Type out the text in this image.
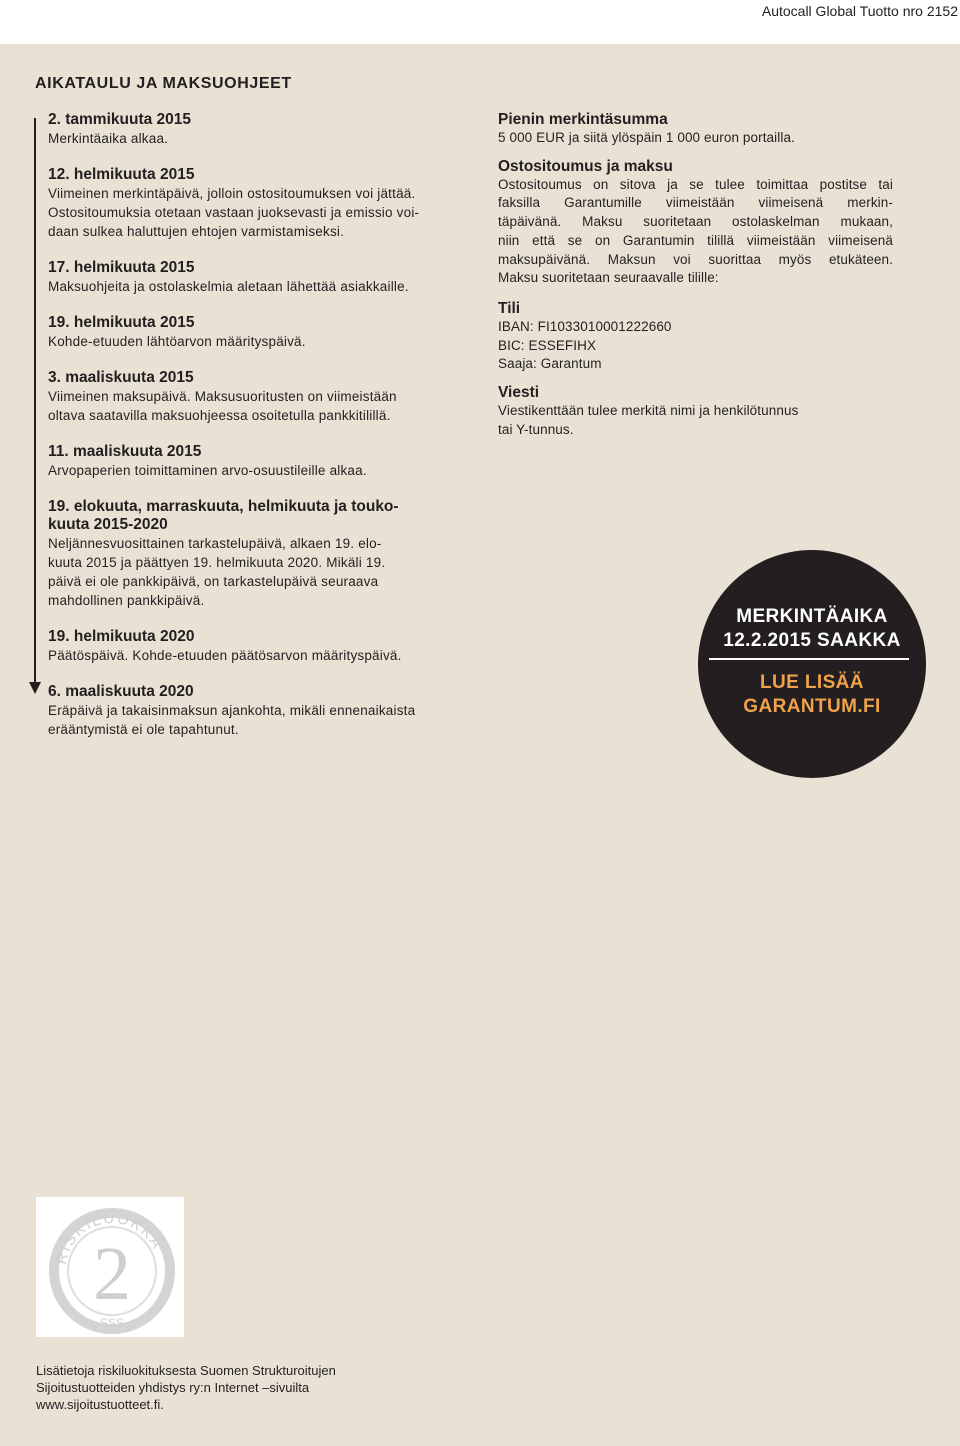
Autocall Global Tuotto nro 2152
AIKATAULU JA MAKSUOHJEET

2. tammikuuta 2015

Merkintäaika alkaa.

12. helmikuuta 2015

Viimeinen merkintäpäivä, jolloin ostositoumuksen voi jättää.

Ostositoumuksia otetaan vastaan juoksevasti ja emissio voi-

daan sulkea haluttujen ehtojen varmistamiseksi.

17. helmikuuta 2015

Maksuohjeita ja ostolaskelmia aletaan lähettää asiakkaille.

19. helmikuuta 2015

Kohde-etuuden lähtöarvon määrityspäivä.

3. maaliskuuta 2015

Viimeinen maksupäivä. Maksusuoritusten on viimeistään

oltava saatavilla maksuohjeessa osoitetulla pankkitilillä.

11. maaliskuuta 2015

Arvopaperien toimittaminen arvo-osuustileille alkaa.

19. elokuuta, marraskuuta, helmikuuta ja touko-

kuuta 2015-2020

Neljännesvuosittainen tarkastelupäivä, alkaen 19. elo-

kuuta 2015 ja päättyen 19. helmikuuta 2020. Mikäli 19.

päivä ei ole pankkipäivä, on tarkastelupäivä seuraava

mahdollinen pankkipäivä.

19. helmikuuta 2020

Päätöspäivä. Kohde-etuuden päätösarvon määrityspäivä.

6. maaliskuuta 2020

Eräpäivä ja takaisinmaksun ajankohta, mikäli ennenaikaista

erääntymistä ei ole tapahtunut.

Pienin merkintäsumma

5 000 EUR ja siitä ylöspäin 1 000 euron portailla.

Ostositoumus ja maksu

Ostositoumus on sitova ja se tulee toimittaa postitse tai

faksilla Garantumille viimeistään viimeisenä merkin-

täpäivänä. Maksu suoritetaan ostolaskelman mukaan,

niin että se on Garantumin tilillä viimeistään viimeisenä

maksupäivänä. Maksun voi suorittaa myös etukäteen.

Maksu suoritetaan seuraavalle tilille:

Tili

IBAN: FI1033010001222660

BIC: ESSEFIHX

Saaja: Garantum

Viesti

Viestikenttään tulee merkitä nimi ja henkilötunnus

tai Y-tunnus.

MERKINTÄAIKA
12.2.2015 SAAKKA
LUE LISÄÄ
GARANTUM.FI
RISKILUOKKA
2
SSS
Lisätietoja riskiluokituksesta Suomen Strukturoitujen
Sijoitustuotteiden yhdistys ry:n Internet –sivuilta
www.sijoitustuotteet.fi.
